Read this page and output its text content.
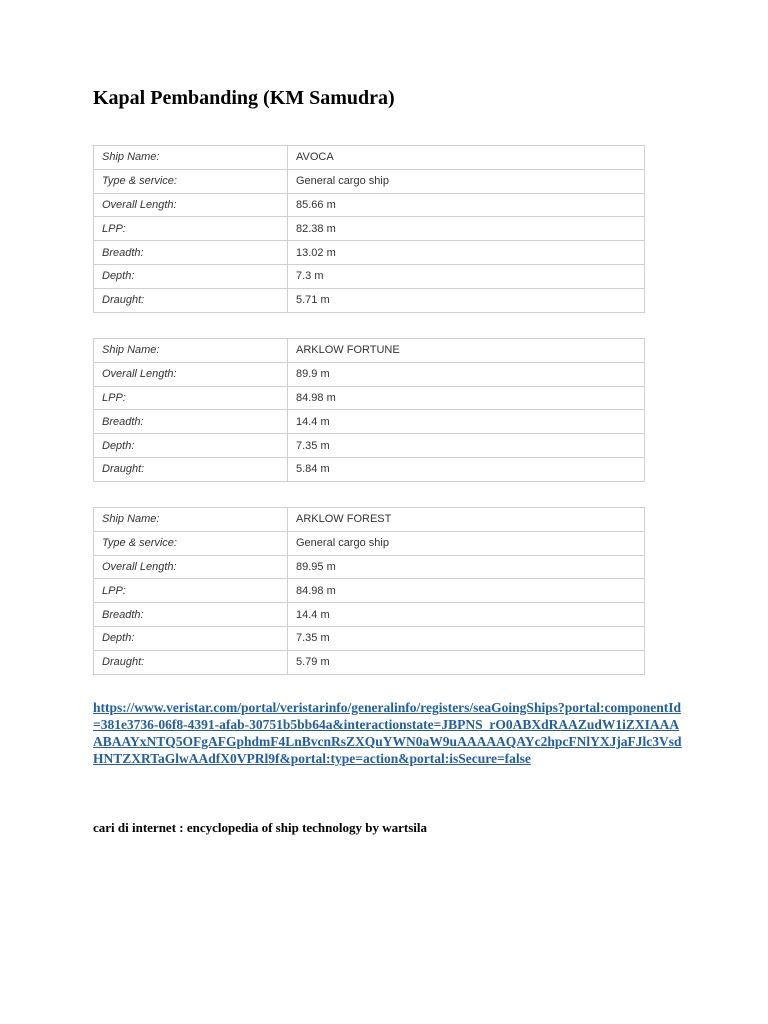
Kapal Pembanding (KM Samudra)
Ship Name:	AVOCA
Type & service:	General cargo ship
Overall Length:	85.66 m
LPP:	82.38 m
Breadth:	13.02 m
Depth:	7.3 m
Draught:	5.71 m
Ship Name:	ARKLOW FORTUNE
Overall Length:	89.9 m
LPP:	84.98 m
Breadth:	14.4 m
Depth:	7.35 m
Draught:	5.84 m
Ship Name:	ARKLOW FOREST
Type & service:	General cargo ship
Overall Length:	89.95 m
LPP:	84.98 m
Breadth:	14.4 m
Depth:	7.35 m
Draught:	5.79 m

https://www.veristar.com/portal/veristarinfo/generalinfo/registers/seaGoingShips?portal:componentId=381e3736-06f8-4391-afab-30751b5bb64a&interactionstate=JBPNS_rO0ABXdRAAZudW1iZXIAAAABAAYxNTQ5OFgAFGphdmF4LnBvcnRsZXQuYWN0aW9uAAAAAQAYc2hpcFNlYXJjaFJlc3VsdHNTZXRTaGlwAAdfX0VPRl9f&portal:type=action&portal:isSecure=false

cari di internet : encyclopedia of ship technology by wartsila
